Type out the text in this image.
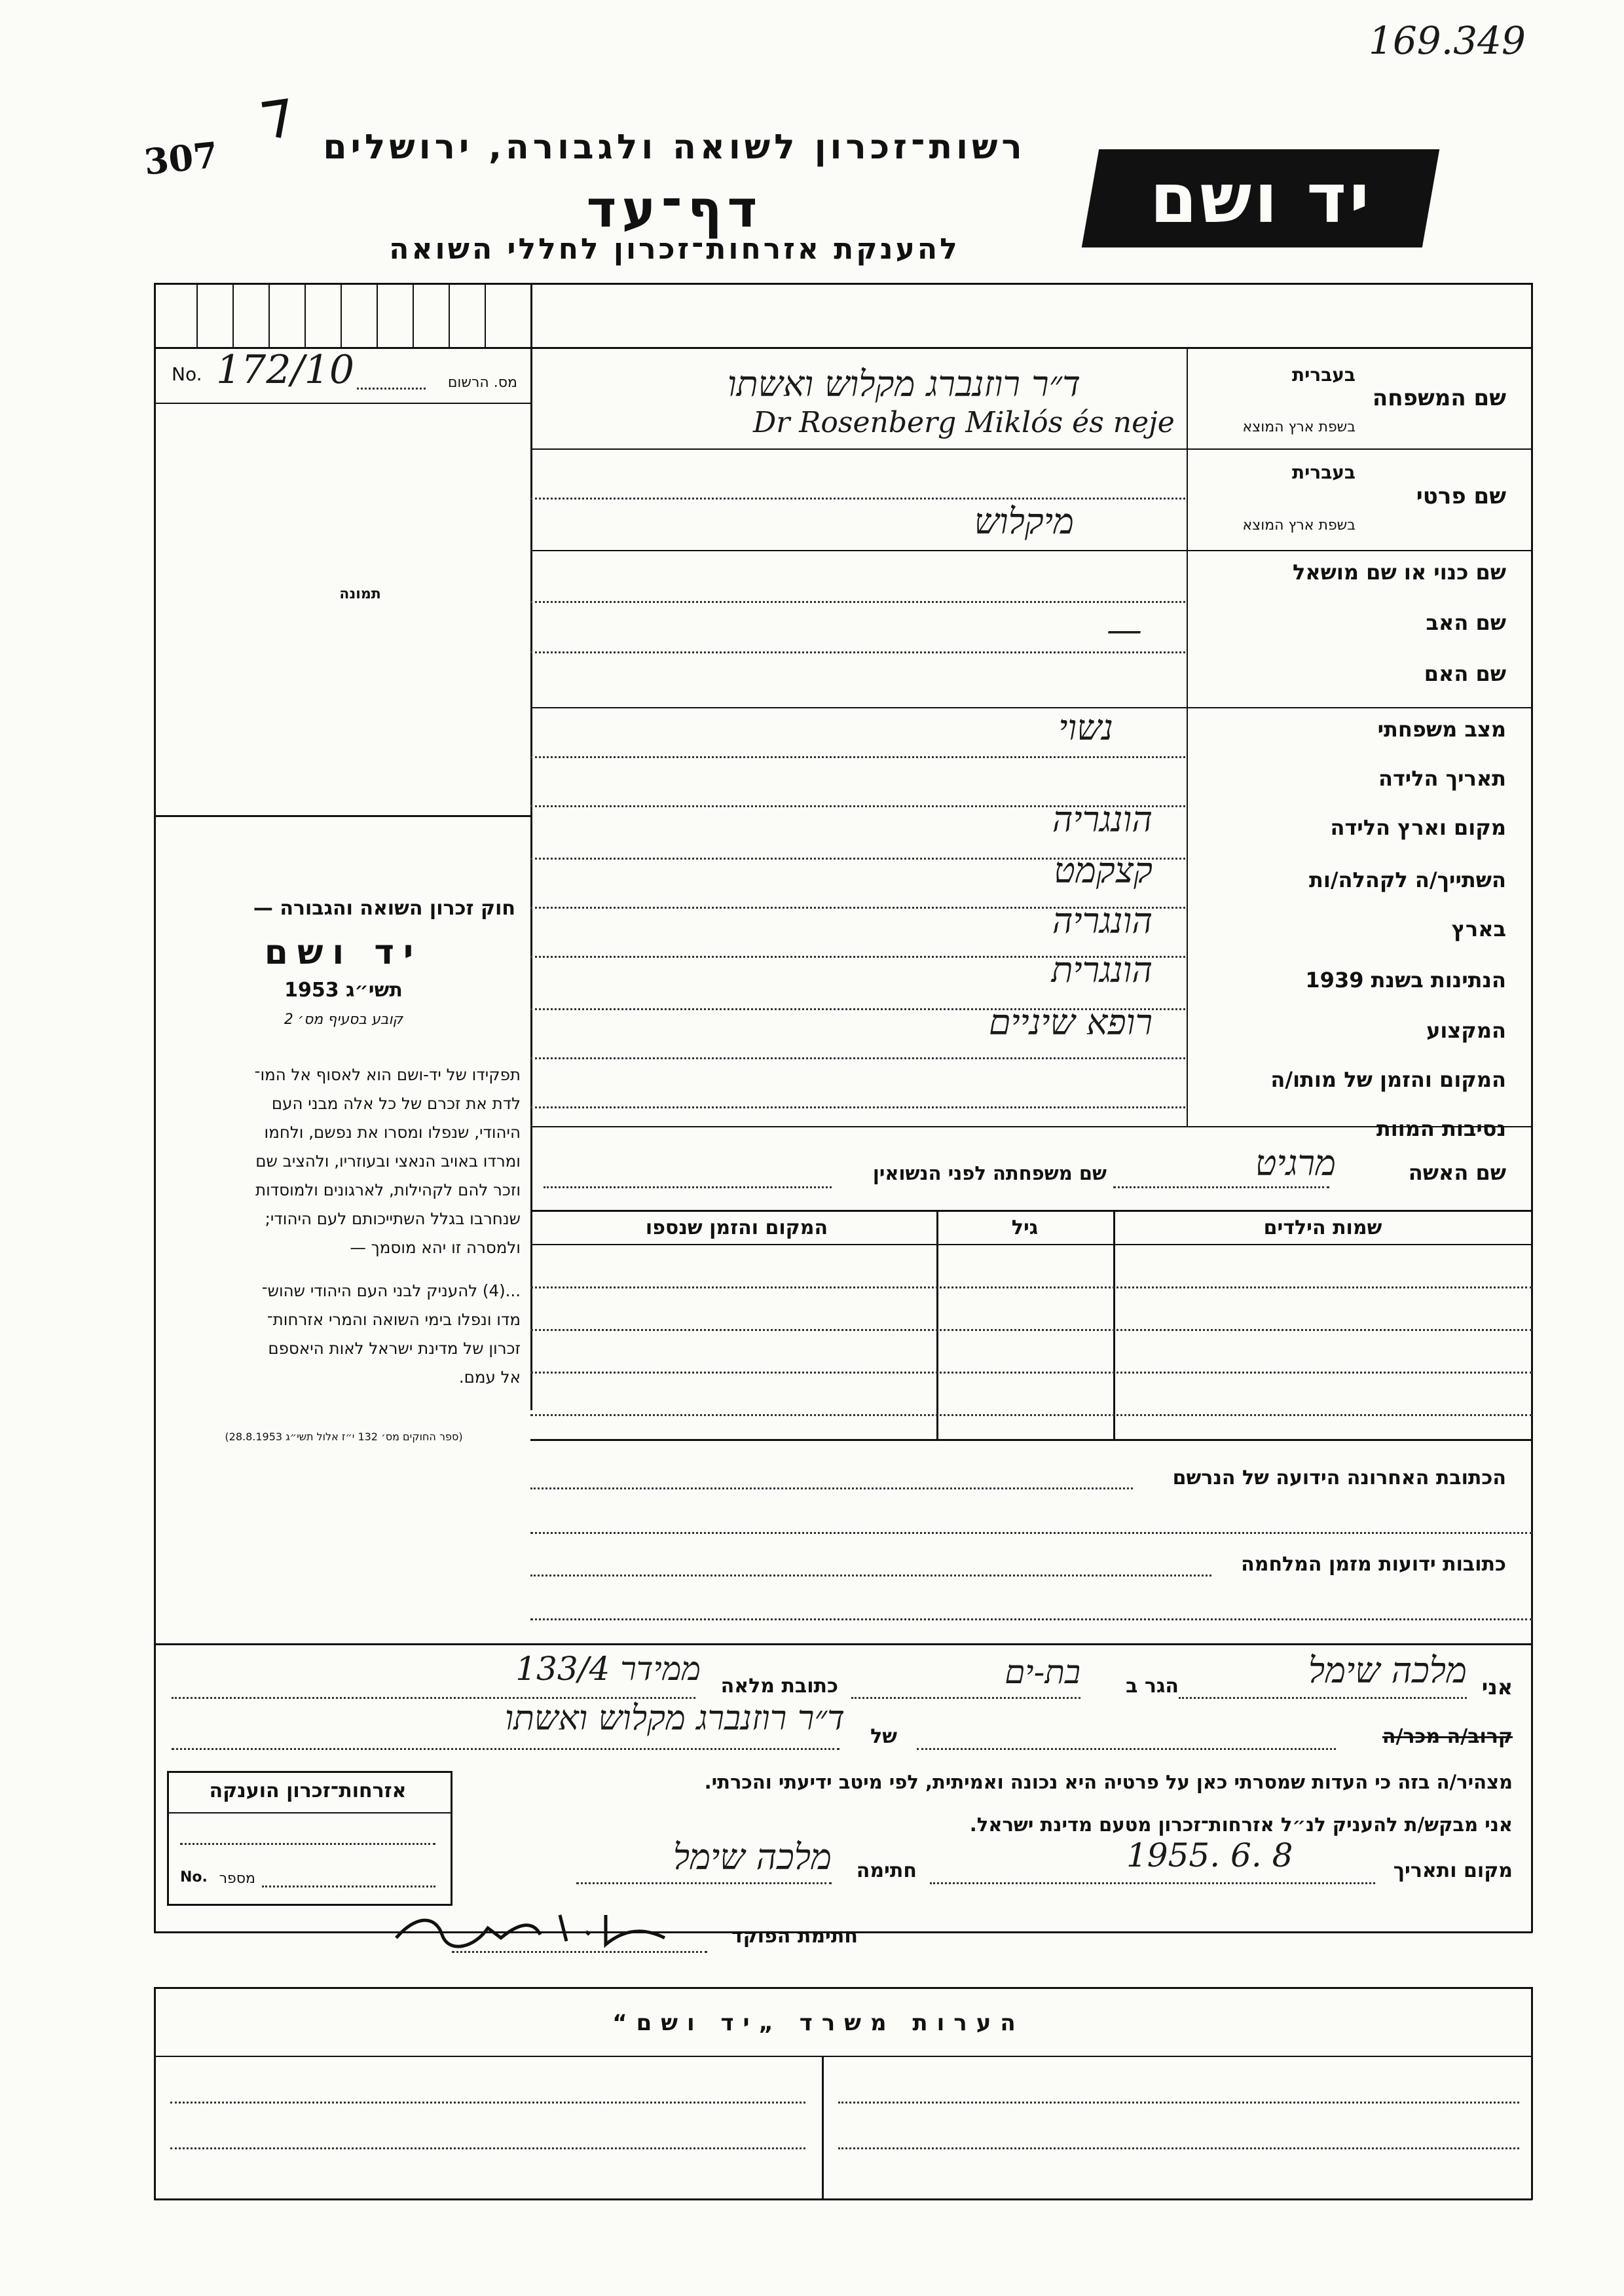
169.349
307	רשות־זכרון לשואה ולגבורה, ירושלים
דף־עד
להענקת אזרחות־זכרון לחללי השואה
יד ושם
No. 172/10	מס. הרשום
תמונה
חוק זכרון השואה והגבורה —
יד ושם
תשי״ג 1953
קובע בסעיף מס׳ 2
תפקידו של יד-ושם הוא לאסוף אל המו־
לדת את זכרם של כל אלה מבני העם
היהודי, שנפלו ומסרו את נפשם, ולחמו
ומרדו באויב הנאצי ובעוזריו, ולהציב שם
וזכר להם לקהילות, לארגונים ולמוסדות
שנחרבו בגלל השתייכותם לעם היהודי;
ולמסרה זו יהא מוסמך —
...(4) להעניק לבני העם היהודי שהוש־
מדו ונפלו בימי השואה והמרי אזרחות־
זכרון של מדינת ישראל לאות היאספם
אל עמם.
(ספר החוקים מס׳ 132 י״ז אלול תשי״ג 28.8.1953)
שם המשפחה
בעברית
בשפת ארץ המוצא
שם פרטי
בעברית
בשפת ארץ המוצא
שם כנוי או שם מושאל
שם האב
שם האם
מצב משפחתי
תאריך הלידה
מקום וארץ הלידה
השתייך/ה לקהלה/ות
בארץ
הנתינות בשנת 1939
המקצוע
המקום והזמן של מותו/ה
נסיבות המוות
ד״ר רוזנברג מקלוש ואשתו
Dr Rosenberg Miklós és neje
מיקלוש
—
נשוי
הונגריה
קצקמט
הונגריה
הונגרית
רופא שיניים
שם האשה
מרגיט
שם משפחתה לפני הנשואין
שמות הילדים
גיל
המקום והזמן שנספו
הכתובת האחרונה הידועה של הנרשם
כתובות ידועות מזמן המלחמה
אני
מלכה שימל
הגר ב
בת-ים
כתובת מלאה
ממידר 133/4
קרוב/ה מכר/ה
של
ד״ר רוזנברג מקלוש ואשתו
מצהיר/ה בזה כי העדות שמסרתי כאן על פרטיה היא נכונה ואמיתית, לפי מיטב ידיעתי והכרתי.
אני מבקש/ת להעניק לנ״ל אזרחות־זכרון מטעם מדינת ישראל.
מקום ותאריך
1955. 6. 8
חתימה
מלכה שימל
חתימת הפוקד
אזרחות־זכרון הוענקה
No. מספר
הערות משרד „יד ושם“
